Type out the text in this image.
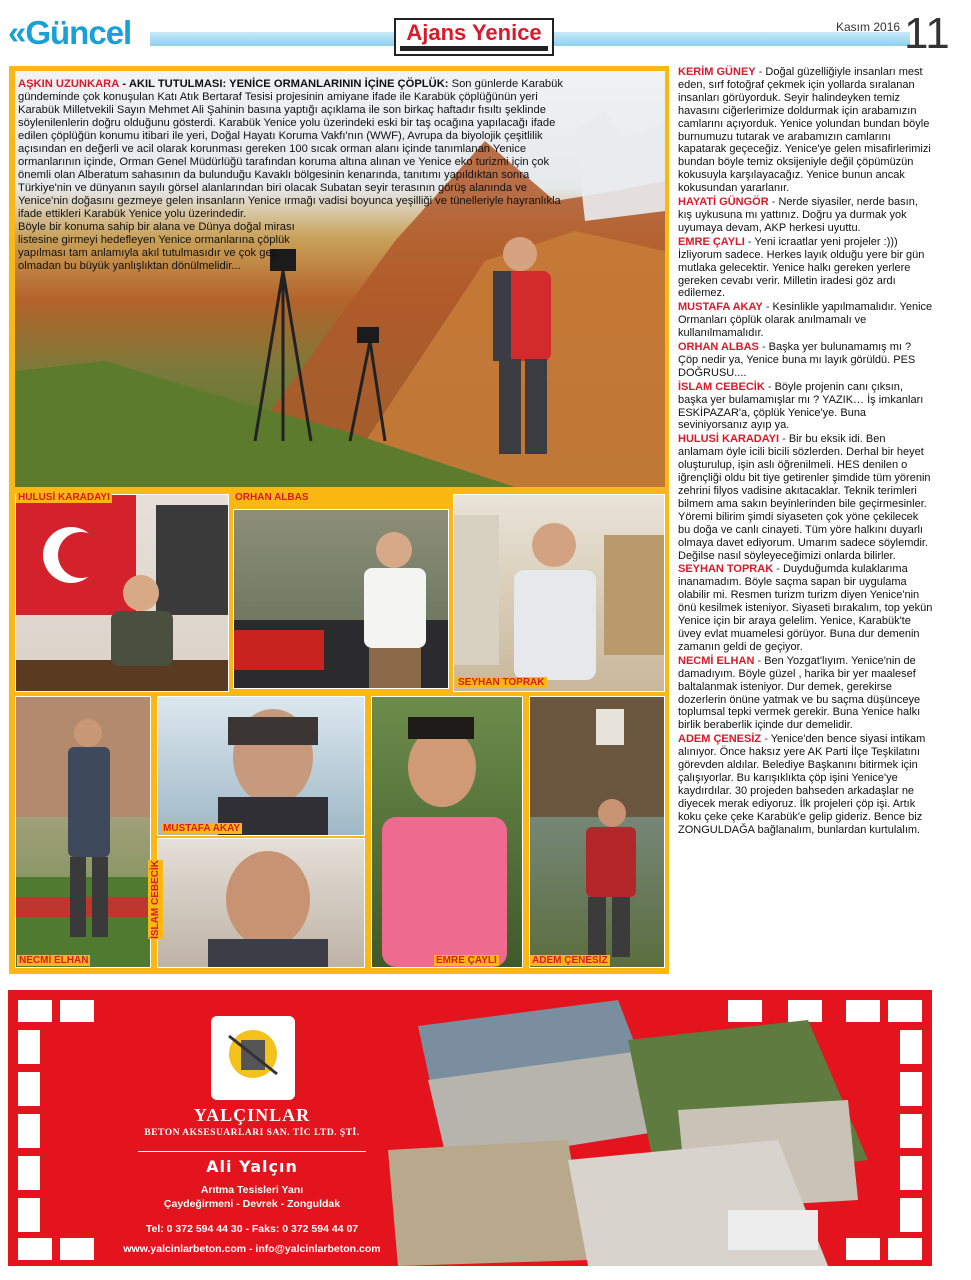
«Güncel	Ajans Yenice	Kasım 2016 11

AŞKIN UZUNKARA - AKIL TUTULMASI: YENİCE ORMANLARININ İÇİNE ÇÖPLÜK: Son günlerde Karabük gündeminde çok konuşulan Katı Atık Bertaraf Tesisi projesinin amiyane ifade ile Karabük çöplüğünün yeri Karabük Milletvekili Sayın Mehmet Ali Şahinin basına yaptığı açıklama ile son birkaç haftadır fısıltı şeklinde söylenilenlerin doğru olduğunu gösterdi. Karabük Yenice yolu üzerindeki eski bir taş ocağına yapılacağı ifade edilen çöplüğün konumu itibari ile yeri, Doğal Hayatı Koruma Vakfı'nın (WWF), Avrupa da biyolojik çeşitlilik açısından en değerli ve acil olarak korunması gereken 100 sıcak orman alanı içinde tanımlanan Yenice ormanlarının içinde, Orman Genel Müdürlüğü tarafından koruma altına alınan ve Yenice eko turizmi için çok önemli olan Alberatum sahasının da bulunduğu Kavaklı bölgesinin kenarında, tanıtımı yapıldıktan sonra Türkiye'nin ve dünyanın sayılı görsel alanlarından biri olacak Subatan seyir terasının görüş alanında ve Yenice'nin doğasını gezmeye gelen insanların Yenice ırmağı vadisi boyunca yeşilliği ve tünelleriyle hayranlıkla ifade ettikleri Karabük Yenice yolu üzerindedir.

Böyle bir konuma sahip bir alana ve Dünya doğal mirası listesine girmeyi hedefleyen Yenice ormanlarına çöplük yapılması tam anlamıyla akıl tutulmasıdır ve çok geç olmadan bu büyük yanlışlıktan dönülmelidir...

HULUSİ KARADAYI	ORHAN ALBAS
SEYHAN TOPRAK
NECMİ ELHAN
MUSTAFA AKAY
İSLAM CEBECİK
EMRE ÇAYLI	ADEM ÇENESİZ

KERİM GÜNEY - Doğal güzelliğiyle insanları mest eden, sırf fotoğraf çekmek için yollarda sıralanan insanları görüyorduk. Seyir halindeyken temiz havasını ciğerlerimize doldurmak için arabamızın camlarını açıyorduk. Yenice yolundan bundan böyle burnumuzu tutarak ve arabamızın camlarını kapatarak geçeceğiz. Yenice'ye gelen misafirlerimizi bundan böyle temiz oksijeniyle değil çöpümüzün kokusuyla karşılayacağız. Yenice bunun ancak kokusundan yararlanır.

HAYATİ GÜNGÖR - Nerde siyasiler, nerde basın, kış uykusuna mı yattınız. Doğru ya durmak yok uyumaya devam, AKP herkesi uyuttu.

EMRE ÇAYLI - Yeni icraatlar yeni projeler :))) İzliyorum sadece. Herkes layık olduğu yere bir gün mutlaka gelecektir. Yenice halkı gereken yerlere gereken cevabı verir. Milletin iradesi göz ardı edilemez.

MUSTAFA AKAY - Kesinlikle yapılmamalıdır. Yenice Ormanları çöplük olarak anılmamalı ve kullanılmamalıdır.

ORHAN ALBAS - Başka yer bulunamamış mı ? Çöp nedir ya, Yenice buna mı layık görüldü. PES DOĞRUSU....

İSLAM CEBECİK - Böyle projenin canı çıksın, başka yer bulamamışlar mı ? YAZIK… İş imkanları ESKİPAZAR'a, çöplük Yenice'ye. Buna seviniyorsanız ayıp ya.

HULUSİ KARADAYI - Bir bu eksik idi. Ben anlamam öyle icili bicili sözlerden. Derhal bir heyet oluşturulup, işin aslı öğrenilmeli. HES denilen o iğrençliği oldu bit tiye getirenler şimdide tüm yörenin zehrini filyos vadisine akıtacaklar. Teknik terimleri bilmem ama sakın beyinlerinden bile geçirmesinler. Yöremi bilirim şimdi siyaseten çok yöne çekilecek bu doğa ve canlı cinayeti. Tüm yöre halkını duyarlı olmaya davet ediyorum. Umarım sadece söylemdir. Değilse nasıl söyleyeceğimizi onlarda bilirler.

SEYHAN TOPRAK - Duyduğumda kulaklarıma inanamadım. Böyle saçma sapan bir uygulama olabilir mi. Resmen turizm turizm diyen Yenice'nin önü kesilmek isteniyor. Siyaseti bırakalım, top yekün Yenice için bir araya gelelim. Yenice, Karabük'te üvey evlat muamelesi görüyor. Buna dur demenin zamanın geldi de geçiyor.

NECMİ ELHAN - Ben Yozgat'lıyım. Yenice'nin de damadıyım. Böyle güzel , harika bir yer maalesef baltalanmak isteniyor. Dur demek, gerekirse dozerlerin önüne yatmak ve bu saçma düşünceye toplumsal tepki vermek gerekir. Buna Yenice halkı birlik beraberlik içinde dur demelidir.

ADEM ÇENESİZ - Yenice'den bence siyasi intikam alınıyor. Önce haksız yere AK Parti İlçe Teşkilatını görevden aldılar. Belediye Başkanını bitirmek için çalışıyorlar. Bu karışıklıkta çöp işini Yenice'ye kaydırdılar. 30 projeden bahseden arkadaşlar ne diyecek merak ediyoruz. İlk projeleri çöp işi. Artık koku çeke çeke Karabük'e gelip gideriz. Bence biz ZONGULDAĞA bağlanalım, bunlardan kurtulalım.

YALÇINLAR
BETON AKSESUARLARI SAN. TİC LTD. ŞTİ.
Ali Yalçın
Arıtma Tesisleri Yanı
Çaydeğirmeni - Devrek - Zonguldak
Tel: 0 372 594 44 30 - Faks: 0 372 594 44 07
www.yalcinlarbeton.com - info@yalcinlarbeton.com
